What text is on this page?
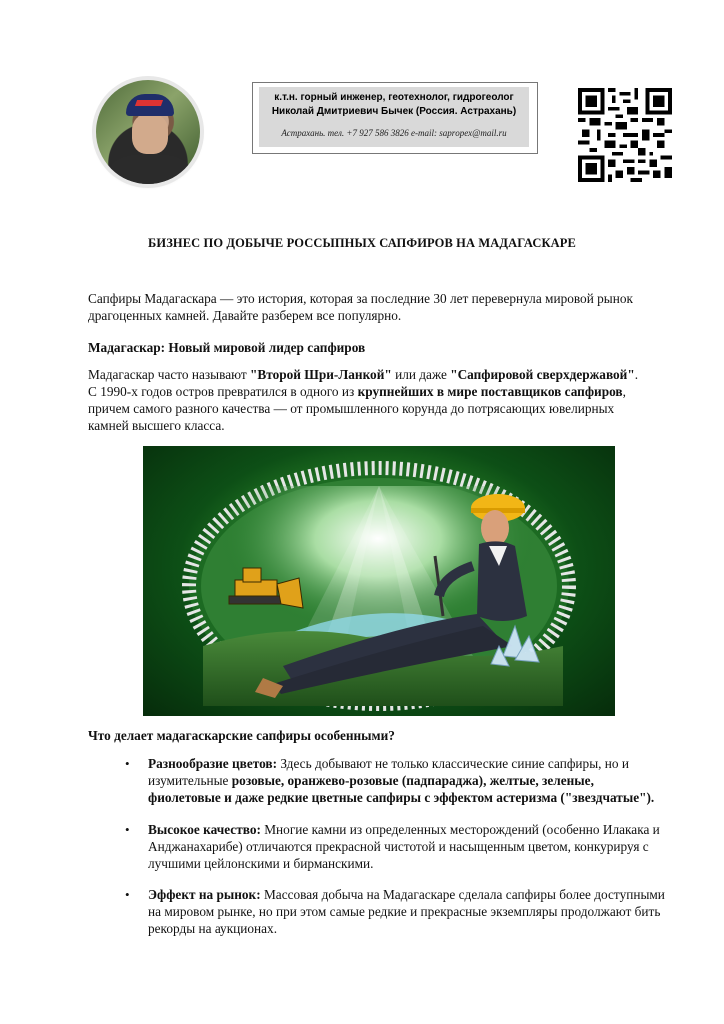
к.т.н. горный инженер, геотехнолог, гидрогеолог
Николай Дмитриевич Бычек (Россия. Астрахань)
Астрахань. тел. +7 927 586 3826 e-mail: saprорех@mail.ru
БИЗНЕС ПО ДОБЫЧЕ РОССЫПНЫХ САПФИРОВ НА МАДАГАСКАРЕ
Сапфиры Мадагаскара — это история, которая за последние 30 лет перевернула мировой рынок драгоценных камней. Давайте разберем все популярно.
Мадагаскар: Новый мировой лидер сапфиров
Мадагаскар часто называют "Второй Шри-Ланкой" или даже "Сапфировой сверхдержавой". С 1990-х годов остров превратился в одного из крупнейших в мире поставщиков сапфиров, причем самого разного качества — от промышленного корунда до потрясающих ювелирных камней высшего класса.
Что делает мадагаскарские сапфиры особенными?
• Разнообразие цветов: Здесь добывают не только классические синие сапфиры, но и изумительные розовые, оранжево-розовые (падпараджа), желтые, зеленые, фиолетовые и даже редкие цветные сапфиры с эффектом астеризма ("звездчатые").
• Высокое качество: Многие камни из определенных месторождений (особенно Илакака и Анджанахарибе) отличаются прекрасной чистотой и насыщенным цветом, конкурируя с лучшими цейлонскими и бирманскими.
• Эффект на рынок: Массовая добыча на Мадагаскаре сделала сапфиры более доступными на мировом рынке, но при этом самые редкие и прекрасные экземпляры продолжают бить рекорды на аукционах.
